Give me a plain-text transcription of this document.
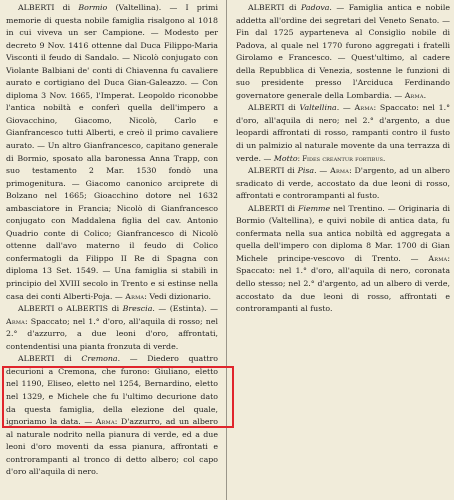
ALBERTI di Bormio (Valtellina). — I primi memorie di questa nobile famiglia risalgono al 1018 in cui viveva un ser Campione. — Modesto per decreto 9 Nov. 1416 ottenne dal Duca Filippo-Maria Visconti il feudo di Sandalo. — Nicolò conjugato con Violante Balbiani de' conti di Chiavenna fu cavaliere aurato e cortigiano del Duca Gian-Galeazzo. — Con diploma 3 Nov. 1665, l'Imperat. Leopoldo riconobbe l'antica nobiltà e conferì quella dell'impero a Giovacchino, Giacomo, Nicolò, Carlo e Gianfrancesco tutti Alberti, e creò il primo cavaliere aurato. — Un altro Gianfrancesco, capitano generale di Bormio, sposato alla baronessa Anna Trapp, con suo testamento 2 Mar. 1530 fondò una primogenitura. — Giacomo canonico arciprete di Bolzano nel 1665; Gioacchino dotore nel 1632 ambasciatore in Francia; Nicolò di Gianfrancesco conjugato con Maddalena figlia del cav. Antonio Quadrio conte di Colico; Gianfrancesco di Nicolò ottenne dall'avo materno il feudo di Colico confermatogli da Filippo II Re di Spagna con diploma 13 Set. 1549. — Una famiglia si stabilì in principio del XVIII secolo in Trento e si estinse nella casa dei conti Alberti-Poja. — Arma: Vedi dizionario.

ALBERTI o ALBERTIS di Brescia. — (Estinta). — Arma: Spaccato; nel 1.° d'oro, all'aquila di rosso; nel 2.° d'azzurro, a due leoni d'oro, affrontati, contendentisi una pianta fronzuta di verde.

ALBERTI di Cremona. — Diedero quattro decurioni a Cremona, che furono: Giuliano, eletto nel 1190, Eliseo, eletto nel 1254, Bernardino, eletto nel 1329, e Michele che fu l'ultimo decurione dato da questa famiglia, della elezione del quale, ignoriamo la data. — Arma: D'azzurro, ad un albero al naturale nodrito nella pianura di verde, ed a due leoni d'oro moventi da essa pianura, affrontati e controrampanti al tronco di detto albero; col capo d'oro all'aquila di nero.

ALBERTI di Padova. — Famiglia antica e nobile addetta all'ordine dei segretari del Veneto Senato. — Fin dal 1725 ayparteneva al Consiglio nobile di Padova, al quale nel 1770 furono aggregati i fratelli Girolamo e Francesco. — Quest'ultimo, al cadere della Repubblica di Venezia, sostenne le funzioni di suo presidente presso l'Arciduca Ferdinando governatore generale della Lombardia. — Arma.

ALBERTI di Valtellina. — Arma: Spaccato: nel 1.° d'oro, all'aquila di nero; nel 2.° d'argento, a due leopardi affrontati di rosso, rampanti contro il fusto di un palmizio al naturale movente da una terrazza di verde. — Motto: Fides creantur fortibus.

ALBERTI di Pisa. — Arma: D'argento, ad un albero sradicato di verde, accostato da due leoni di rosso, affrontati e controrampanti al fusto.

ALBERTI di Fiemme nel Trentino. — Originaria di Bormio (Valtellina), e quivi nobile di antica data, fu confermata nella sua antica nobiltà ed aggregata a quella dell'impero con diploma 8 Mar. 1700 di Gian Michele principe-vescovo di Trento. — Arma: Spaccato: nel 1.° d'oro, all'aquila di nero, coronata dello stesso; nel 2.° d'argento, ad un albero di verde, accostato da due leoni di rosso, affrontati e controrampanti al fusto.
